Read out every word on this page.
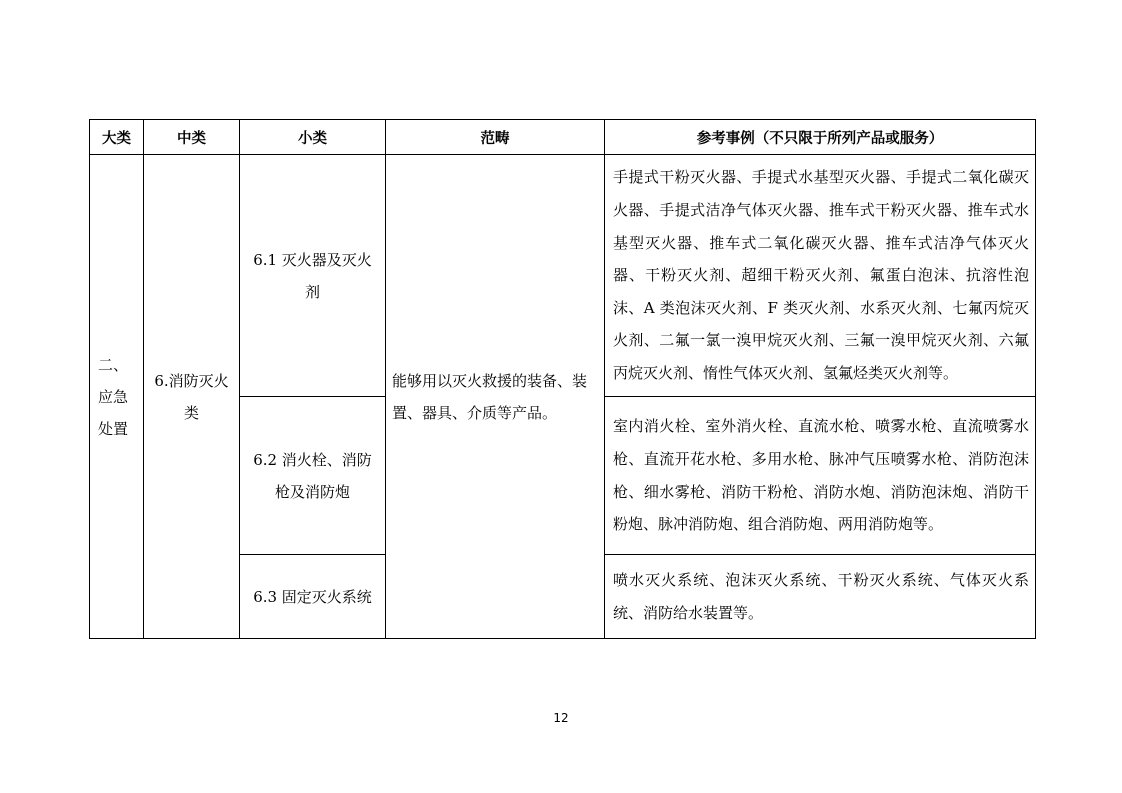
大类	中类	小类	范畴	参考事例（不只限于所列产品或服务）
二、应急处置	6.消防灭火类	6.1 灭火器及灭火剂	能够用以灭火救援的装备、装置、器具、介质等产品。	手提式干粉灭火器、手提式水基型灭火器、手提式二氧化碳灭火器、手提式洁净气体灭火器、推车式干粉灭火器、推车式水基型灭火器、推车式二氧化碳灭火器、推车式洁净气体灭火器、干粉灭火剂、超细干粉灭火剂、氟蛋白泡沫、抗溶性泡沫、A 类泡沫灭火剂、F 类灭火剂、水系灭火剂、七氟丙烷灭火剂、二氟一氯一溴甲烷灭火剂、三氟一溴甲烷灭火剂、六氟丙烷灭火剂、惰性气体灭火剂、氢氟烃类灭火剂等。
		6.2 消火栓、消防枪及消防炮		室内消火栓、室外消火栓、直流水枪、喷雾水枪、直流喷雾水枪、直流开花水枪、多用水枪、脉冲气压喷雾水枪、消防泡沫枪、细水雾枪、消防干粉枪、消防水炮、消防泡沫炮、消防干粉炮、脉冲消防炮、组合消防炮、两用消防炮等。
		6.3 固定灭火系统		喷水灭火系统、泡沫灭火系统、干粉灭火系统、气体灭火系统、消防给水装置等。
12
